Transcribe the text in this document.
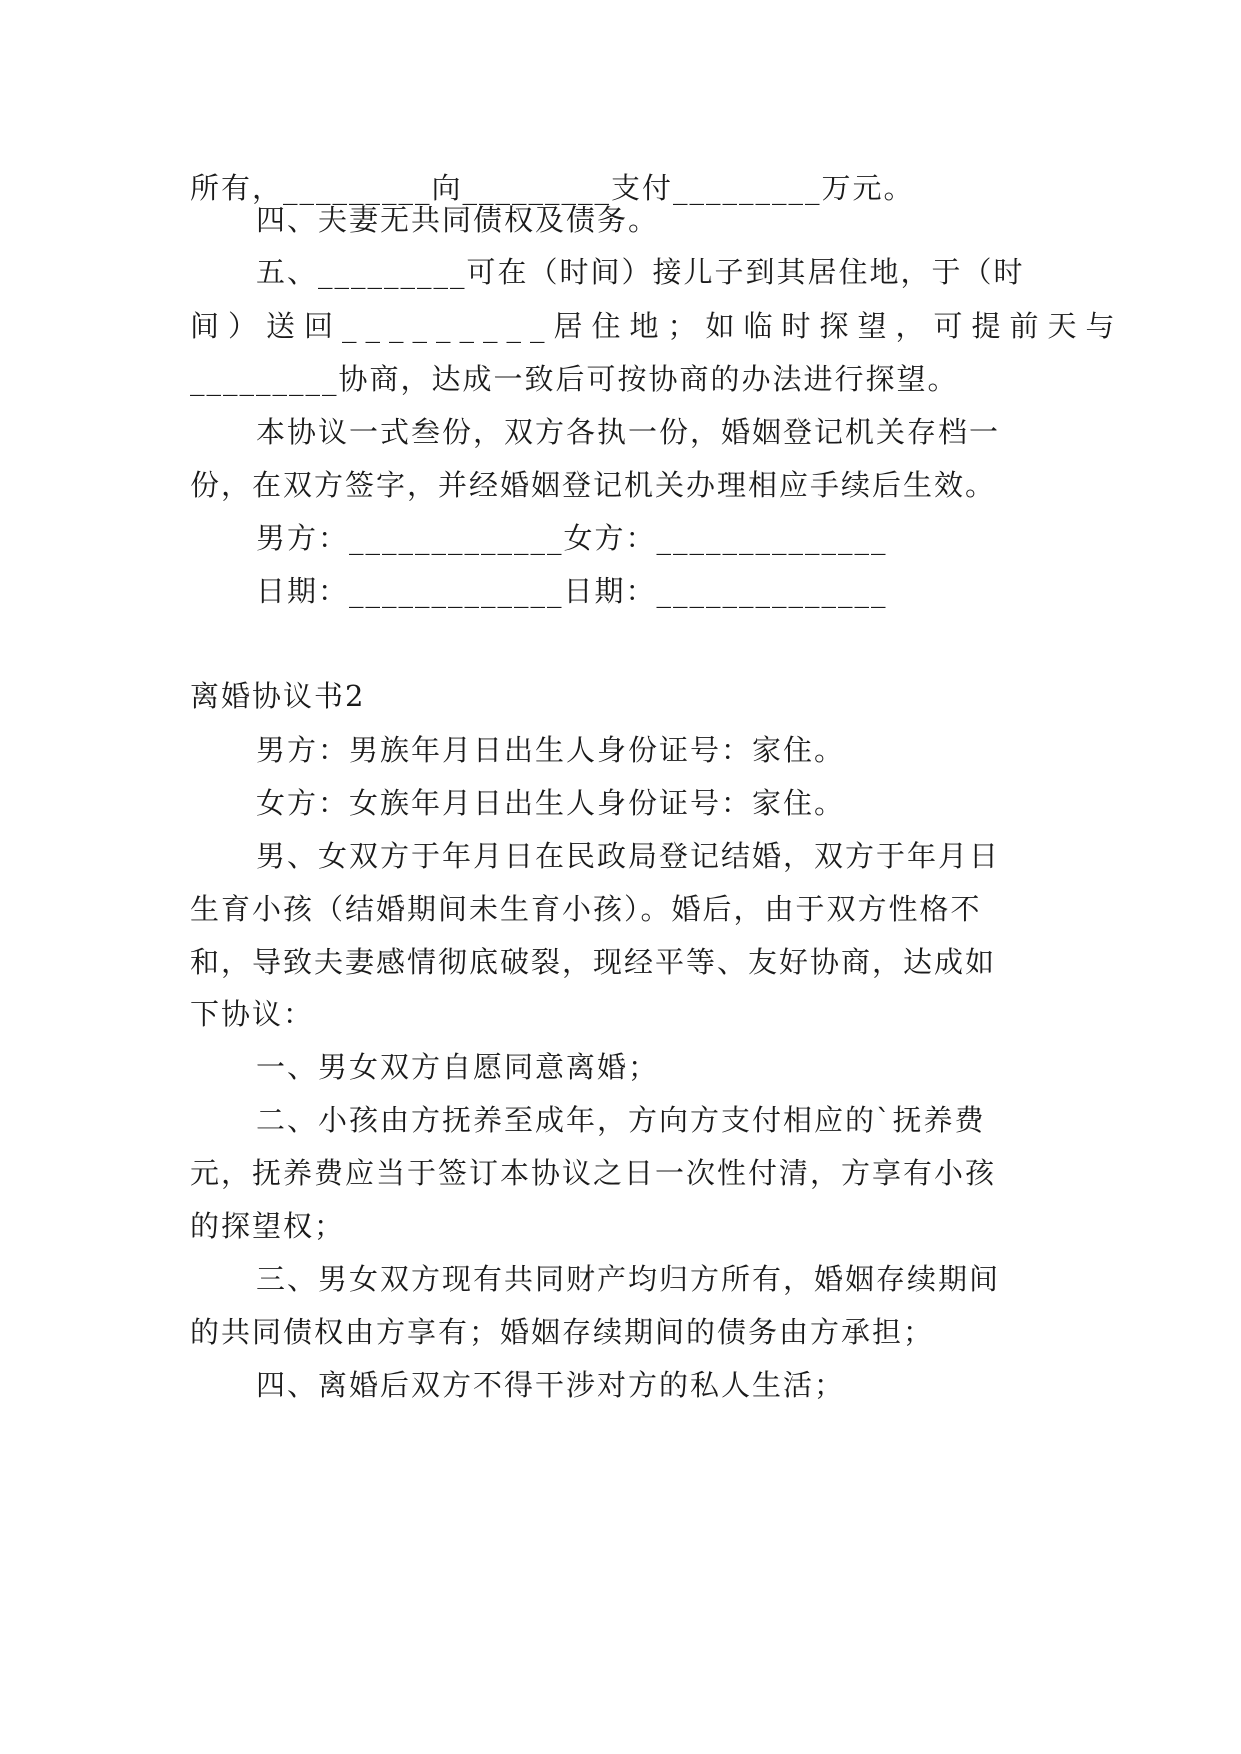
所有，_________向_________支付_________万元。
四、夫妻无共同债权及债务。
五、_________可在（时间）接儿子到其居住地，于（时
间）送回_________居住地；如临时探望，可提前天与
_________协商，达成一致后可按协商的办法进行探望。
本协议一式叁份，双方各执一份，婚姻登记机关存档一
份，在双方签字，并经婚姻登记机关办理相应手续后生效。
男方：_____________女方：______________
日期：_____________日期：______________
离婚协议书2
男方：男族年月日出生人身份证号：家住。
女方：女族年月日出生人身份证号：家住。
男、女双方于年月日在民政局登记结婚，双方于年月日
生育小孩（结婚期间未生育小孩）。婚后，由于双方性格不
和，导致夫妻感情彻底破裂，现经平等、友好协商，达成如
下协议：
一、男女双方自愿同意离婚；
二、小孩由方抚养至成年，方向方支付相应的`抚养费
元，抚养费应当于签订本协议之日一次性付清，方享有小孩
的探望权；
三、男女双方现有共同财产均归方所有，婚姻存续期间
的共同债权由方享有；婚姻存续期间的债务由方承担；
四、离婚后双方不得干涉对方的私人生活；
